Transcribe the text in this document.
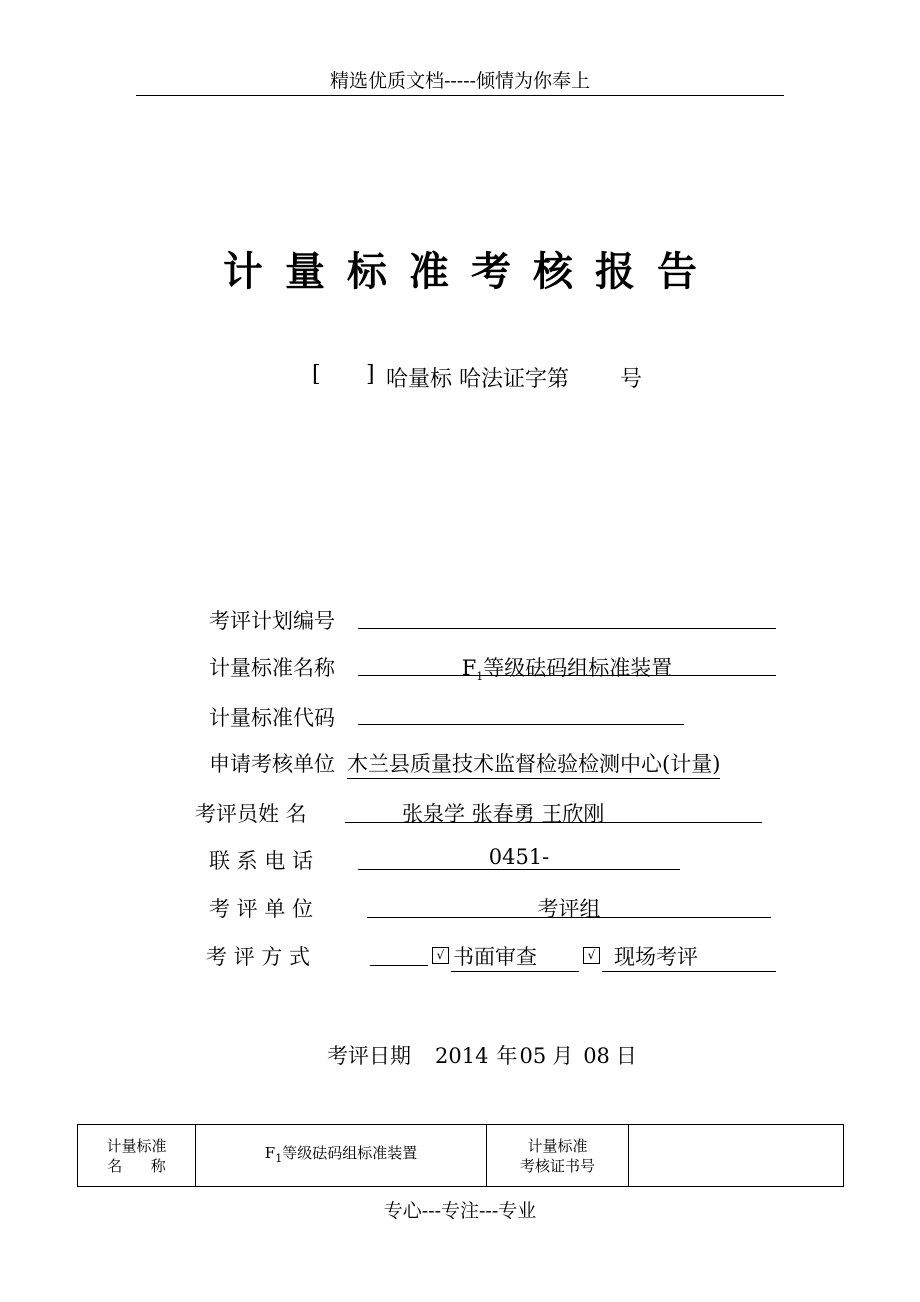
精选优质文档-----倾情为你奉上
计量标准考核报告
[ ] 哈量标 哈法证字第 号
考评计划编号
计量标准名称	$F_1$等级砝码组标准装置
计量标准代码
申请考核单位 木兰县质量技术监督检验检测中心(计量)
考评员姓 名	张泉学 张春勇 王欣刚
联 系 电 话	0451-
考 评 单 位	考评组
考 评 方 式	√ 书面审查	√ 现场考评
考评日期 2014 年05 月 08 日
计量标准
名      称
	$F_1$等级砝码组标准装置	计量标准
考核证书号

专心---专注---专业
